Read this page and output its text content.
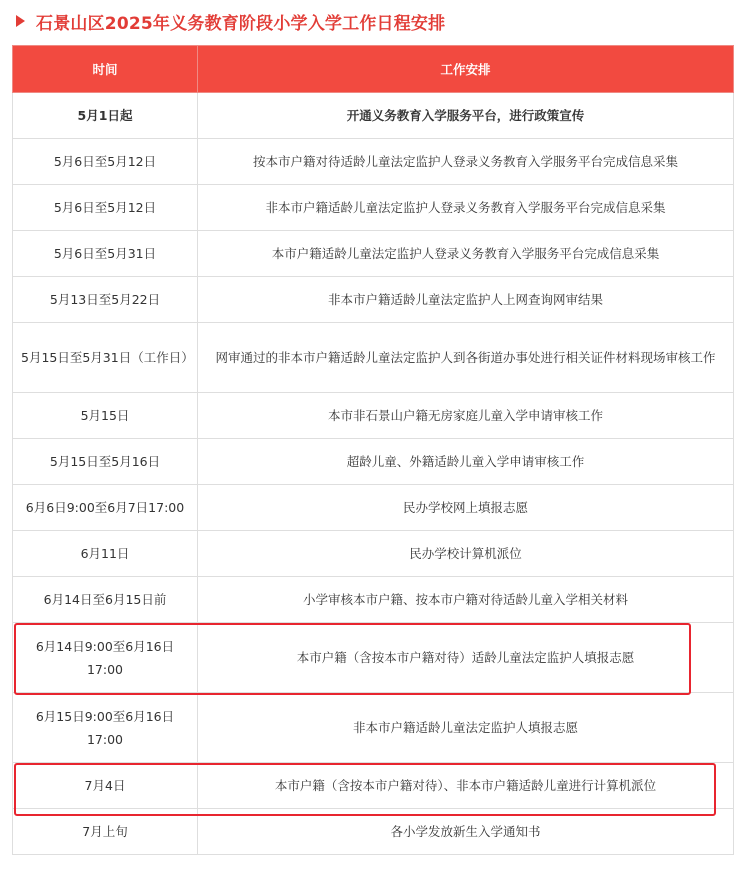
石景山区2025年义务教育阶段小学入学工作日程安排
时间	工作安排
5月1日起	开通义务教育入学服务平台，进行政策宣传
5月6日至5月12日	按本市户籍对待适龄儿童法定监护人登录义务教育入学服务平台完成信息采集
5月6日至5月12日	非本市户籍适龄儿童法定监护人登录义务教育入学服务平台完成信息采集
5月6日至5月31日	本市户籍适龄儿童法定监护人登录义务教育入学服务平台完成信息采集
5月13日至5月22日	非本市户籍适龄儿童法定监护人上网查询网审结果
5月15日至5月31日（工作日）	网审通过的非本市户籍适龄儿童法定监护人到各街道办事处进行相关证件材料现场审核工作
5月15日	本市非石景山户籍无房家庭儿童入学申请审核工作
5月15日至5月16日	超龄儿童、外籍适龄儿童入学申请审核工作
6月6日9:00至6月7日17:00	民办学校网上填报志愿
6月11日	民办学校计算机派位
6月14日至6月15日前	小学审核本市户籍、按本市户籍对待适龄儿童入学相关材料
6月14日9:00至6月16日17:00	本市户籍（含按本市户籍对待）适龄儿童法定监护人填报志愿
6月15日9:00至6月16日17:00	非本市户籍适龄儿童法定监护人填报志愿
7月4日	本市户籍（含按本市户籍对待）、非本市户籍适龄儿童进行计算机派位
7月上旬	各小学发放新生入学通知书
